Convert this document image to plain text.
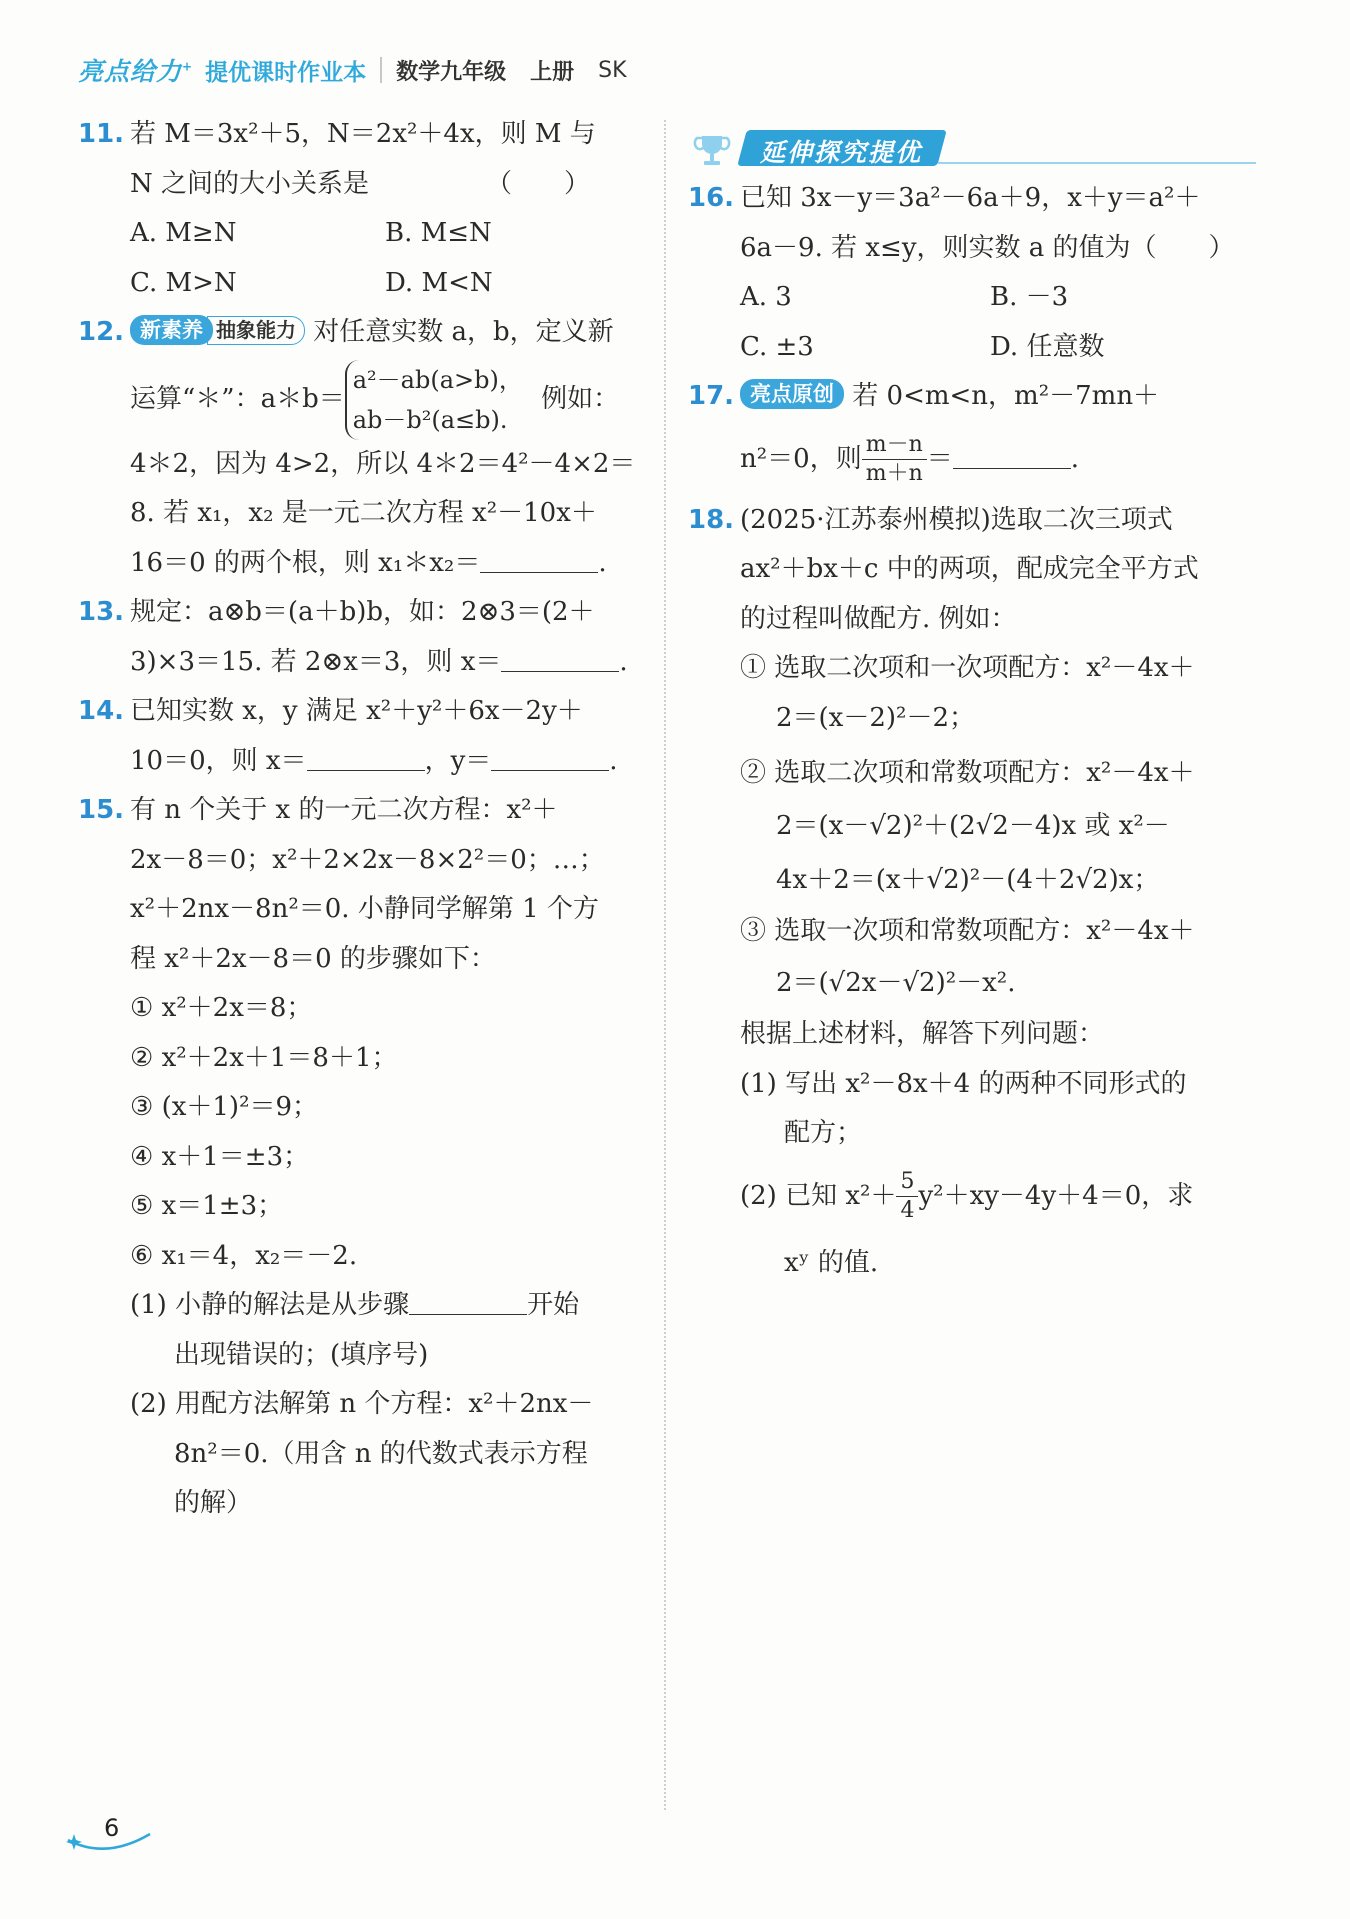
亮点给力+ 提优课时作业本 数学九年级 上册 SK
11. 若 M＝3x²＋5，N＝2x²＋4x，则 M 与
N 之间的大小关系是　　　　　（　　）
A. M≥N	B. M≤N
C. M>N	D. M<N
12. 新素养 抽象能力 对任意实数 a，b，定义新
运算“＊”：a＊b＝
a²－ab(a>b)，
ab－b²(a≤b).
例如：
4＊2，因为 4>2，所以 4＊2＝4²－4×2＝
8. 若 x₁，x₂ 是一元二次方程 x²－10x＋
16＝0 的两个根，则 x₁＊x₂＝	.
13. 规定：a⊗b＝(a＋b)b，如：2⊗3＝(2＋
3)×3＝15. 若 2⊗x＝3，则 x＝	.
14. 已知实数 x，y 满足 x²＋y²＋6x－2y＋
10＝0，则 x＝	，y＝	.
15. 有 n 个关于 x 的一元二次方程：x²＋
2x－8＝0；x²＋2×2x－8×2²＝0；…；
x²＋2nx－8n²＝0. 小静同学解第 1 个方
程 x²＋2x－8＝0 的步骤如下：
① x²＋2x＝8；
② x²＋2x＋1＝8＋1；
③ (x＋1)²＝9；
④ x＋1＝±3；
⑤ x＝1±3；
⑥ x₁＝4，x₂＝－2.
(1) 小静的解法是从步骤	开始
出现错误的；(填序号)
(2) 用配方法解第 n 个方程：x²＋2nx－
8n²＝0.（用含 n 的代数式表示方程
的解）
延伸探究提优
16. 已知 3x－y＝3a²－6a＋9，x＋y＝a²＋
6a－9. 若 x≤y，则实数 a 的值为（　　）
A. 3	B. －3
C. ±3	D. 任意数
17. 亮点原创 若 0<m<n，m²－7mn＋
n²＝0，则 $\frac{m-n}{m+n}$ ＝	.
18. (2025·江苏泰州模拟)选取二次三项式
ax²＋bx＋c 中的两项，配成完全平方式
的过程叫做配方. 例如：
① 选取二次项和一次项配方：x²－4x＋
2＝(x－2)²－2；
② 选取二次项和常数项配方：x²－4x＋
2＝(x－√2)²＋(2√2－4)x 或 x²－
4x＋2＝(x＋√2)²－(4＋2√2)x；
③ 选取一次项和常数项配方：x²－4x＋
2＝(√2x－√2)²－x².
根据上述材料，解答下列问题：
(1) 写出 x²－8x＋4 的两种不同形式的
配方；
(2) 已知 $x^2+ \frac{5}{4} y^2+xy-4y+4=0$，求
xʸ 的值.
6
